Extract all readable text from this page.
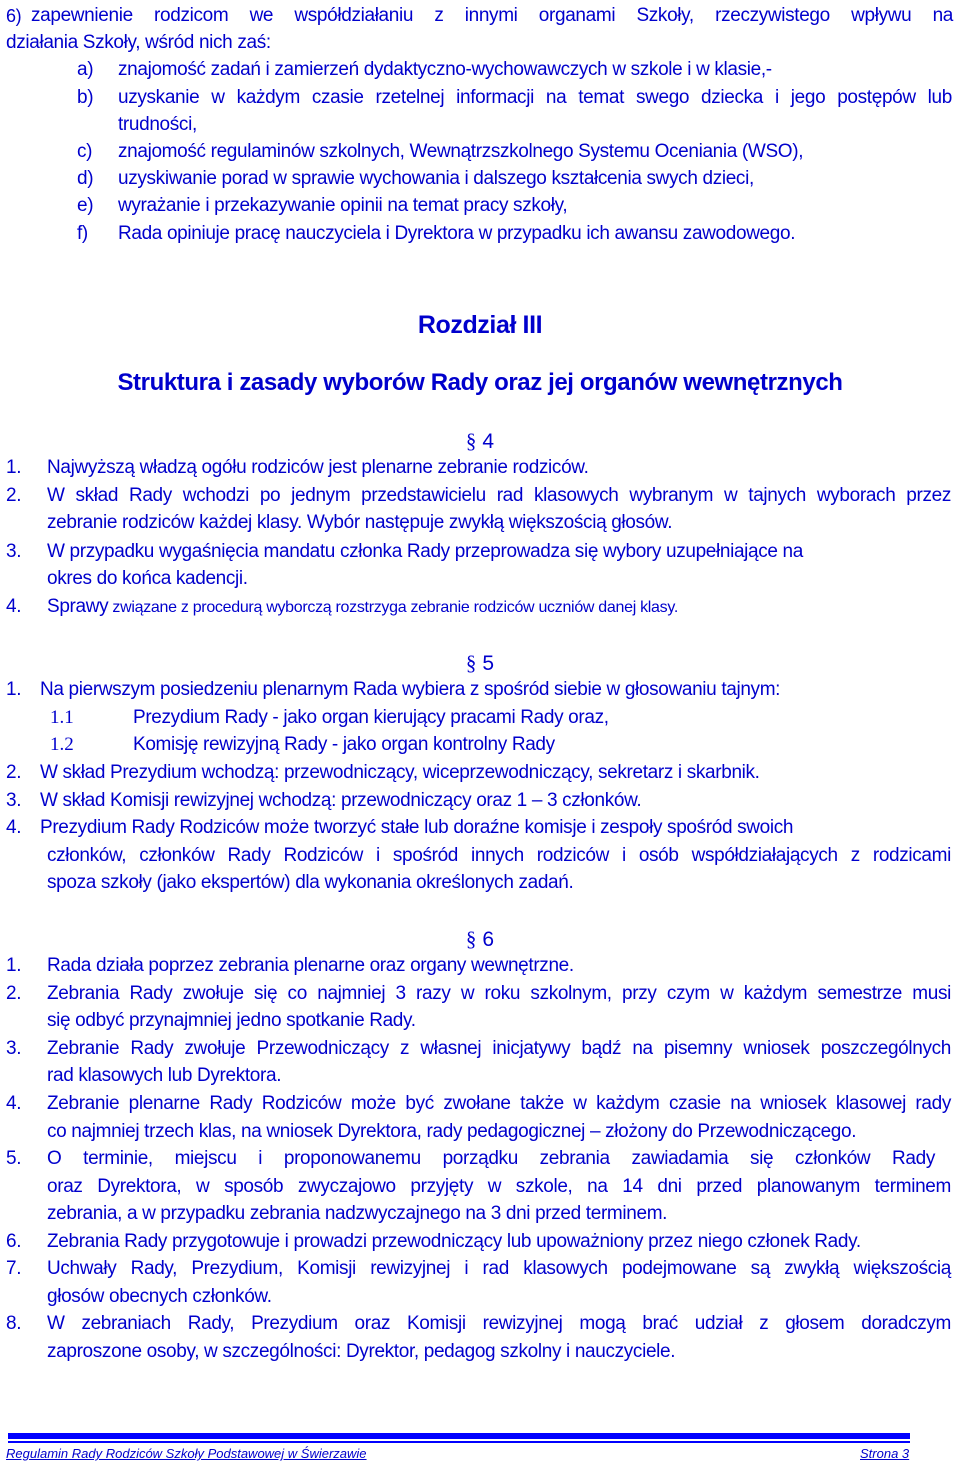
6) zapewnienie rodzicom we współdziałaniu z innymi organami Szkoły, rzeczywistego wpływu na
działania Szkoły, wśród nich zaś:
a) znajomość zadań i zamierzeń dydaktyczno-wychowawczych w szkole i w klasie,-
b) uzyskanie w każdym czasie rzetelnej informacji na temat swego dziecka i jego postępów lub
trudności,
c) znajomość regulaminów szkolnych, Wewnątrzszkolnego Systemu Oceniania (WSO),
d) uzyskiwanie porad w sprawie wychowania i dalszego kształcenia swych dzieci,
e) wyrażanie i przekazywanie opinii na temat pracy szkoły,
f) Rada opiniuje pracę nauczyciela i Dyrektora w przypadku ich awansu zawodowego.
Rozdział III
Struktura i zasady wyborów Rady oraz jej organów wewnętrznych
§ 4
1. Najwyższą władzą ogółu rodziców jest plenarne zebranie rodziców.
2. W skład Rady wchodzi po jednym przedstawicielu rad klasowych wybranym w tajnych wyborach przez
zebranie rodziców każdej klasy. Wybór następuje zwykłą większością głosów.
3. W przypadku wygaśnięcia mandatu członka Rady przeprowadza się wybory uzupełniające na
okres do końca kadencji.
4. Sprawy związane z procedurą wyborczą rozstrzyga zebranie rodziców uczniów danej klasy.
§ 5
1. Na pierwszym posiedzeniu plenarnym Rada wybiera z spośród siebie w głosowaniu tajnym:
1.1	Prezydium Rady - jako organ kierujący pracami Rady oraz,
1.2	Komisję rewizyjną Rady - jako organ kontrolny Rady
2. W skład Prezydium wchodzą: przewodniczący, wiceprzewodniczący, sekretarz i skarbnik.
3. W skład Komisji rewizyjnej wchodzą: przewodniczący oraz 1 – 3 członków.
4. Prezydium Rady Rodziców może tworzyć stałe lub doraźne komisje i zespoły spośród swoich
członków, członków Rady Rodziców i spośród innych rodziców i osób współdziałających z rodzicami
spoza szkoły (jako ekspertów) dla wykonania określonych zadań.
§ 6
1. Rada działa poprzez zebrania plenarne oraz organy wewnętrzne.
2. Zebrania Rady zwołuje się co najmniej 3 razy w roku szkolnym, przy czym w każdym semestrze musi
się odbyć przynajmniej jedno spotkanie Rady.
3. Zebranie Rady zwołuje Przewodniczący z własnej inicjatywy bądź na pisemny wniosek poszczególnych
rad klasowych lub Dyrektora.
4. Zebranie plenarne Rady Rodziców może być zwołane także w każdym czasie na wniosek klasowej rady
co najmniej trzech klas, na wniosek Dyrektora, rady pedagogicznej – złożony do Przewodniczącego.
5. O terminie, miejscu i proponowanemu porządku zebrania zawiadamia się członków Rady
oraz Dyrektora, w sposób zwyczajowo przyjęty w szkole, na 14 dni przed planowanym terminem
zebrania, a w przypadku zebrania nadzwyczajnego na 3 dni przed terminem.
6. Zebrania Rady przygotowuje i prowadzi przewodniczący lub upoważniony przez niego członek Rady.
7. Uchwały Rady, Prezydium, Komisji rewizyjnej i rad klasowych podejmowane są zwykłą większością
głosów obecnych członków.
8. W zebraniach Rady, Prezydium oraz Komisji rewizyjnej mogą brać udział z głosem doradczym
zaproszone osoby, w szczególności: Dyrektor, pedagog szkolny i nauczyciele.
Regulamin Rady Rodziców Szkoły Podstawowej w Świerzawie	Strona 3
